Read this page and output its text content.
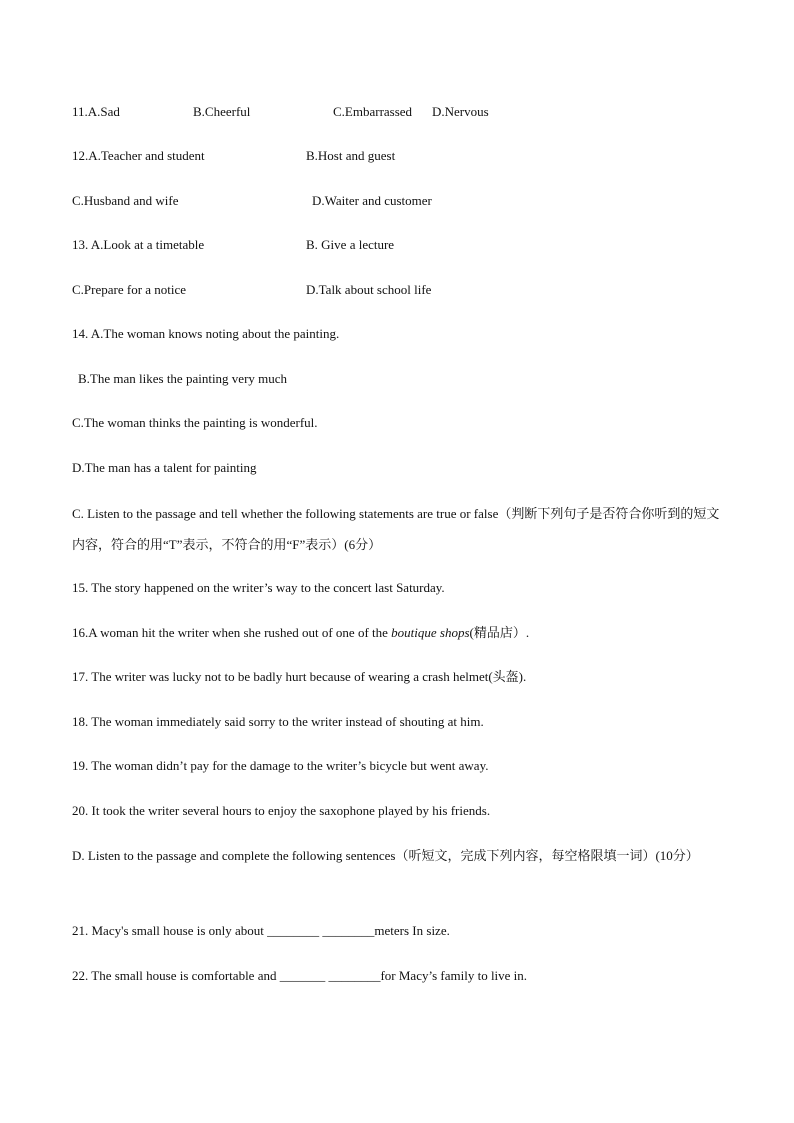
11.A.Sad	B.Cheerful	C.Embarrassed D.Nervous
12.A.Teacher and student	B.Host and guest
C.Husband and wife	D.Waiter and customer
13. A.Look at a timetable	B. Give a lecture
C.Prepare for a notice	D.Talk about school life
14. A.The woman knows noting about the painting.
B.The man likes the painting very much
C.The woman thinks the painting is wonderful.
D.The man has a talent for painting
C. Listen to the passage and tell whether the following statements are true or false（判断下列句子是否符合你听到的短文内容，符合的用“T”表示，不符合的用“F”表示）(6分）
15. The story happened on the writer’s way to the concert last Saturday.
16.A woman hit the writer when she rushed out of one of the boutique shops(精品店）.
17. The writer was lucky not to be badly hurt because of wearing a crash helmet(头盔).
18. The woman immediately said sorry to the writer instead of shouting at him.
19. The woman didn’t pay for the damage to the writer’s bicycle but went away.
20. It took the writer several hours to enjoy the saxophone played by his friends.
D. Listen to the passage and complete the following sentences（听短文，完成下列内容，每空格限填一词）(10分）
21. Macy's small house is only about ________ ________meters In size.
22. The small house is comfortable and _______ ________for Macy’s family to live in.
